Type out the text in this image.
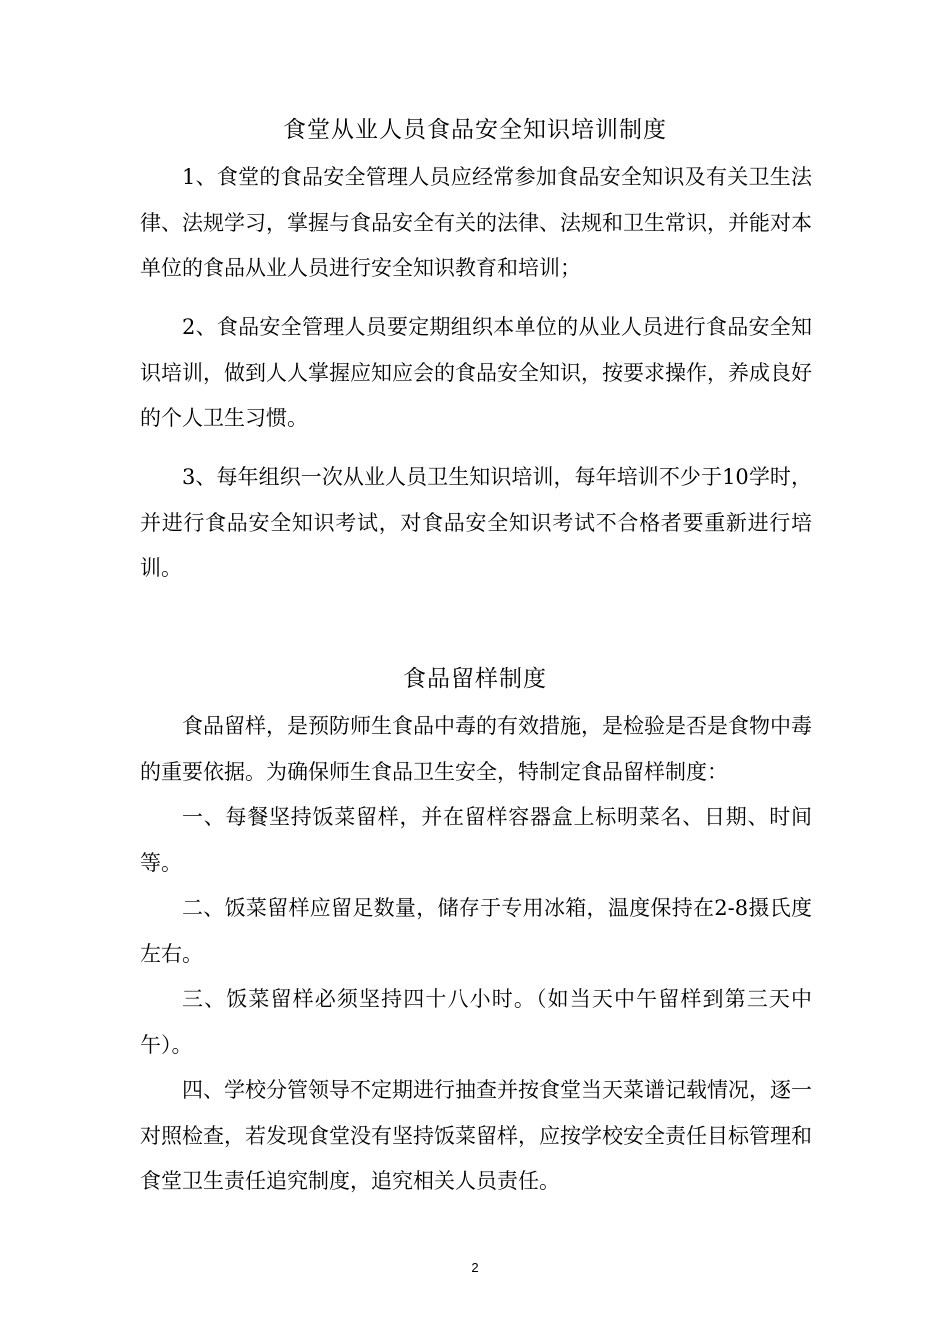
食堂从业人员食品安全知识培训制度

1、食堂的食品安全管理人员应经常参加食品安全知识及有关卫生法律、法规学习，掌握与食品安全有关的法律、法规和卫生常识，并能对本单位的食品从业人员进行安全知识教育和培训；

2、食品安全管理人员要定期组织本单位的从业人员进行食品安全知识培训，做到人人掌握应知应会的食品安全知识，按要求操作，养成良好的个人卫生习惯。

3、每年组织一次从业人员卫生知识培训，每年培训不少于10学时，并进行食品安全知识考试，对食品安全知识考试不合格者要重新进行培训。

食品留样制度

食品留样，是预防师生食品中毒的有效措施，是检验是否是食物中毒的重要依据。为确保师生食品卫生安全，特制定食品留样制度：

一、每餐坚持饭菜留样，并在留样容器盒上标明菜名、日期、时间等。

二、饭菜留样应留足数量，储存于专用冰箱，温度保持在2-8摄氏度左右。

三、饭菜留样必须坚持四十八小时。（如当天中午留样到第三天中午）。

四、学校分管领导不定期进行抽查并按食堂当天菜谱记载情况，逐一对照检查，若发现食堂没有坚持饭菜留样，应按学校安全责任目标管理和食堂卫生责任追究制度，追究相关人员责任。

2
